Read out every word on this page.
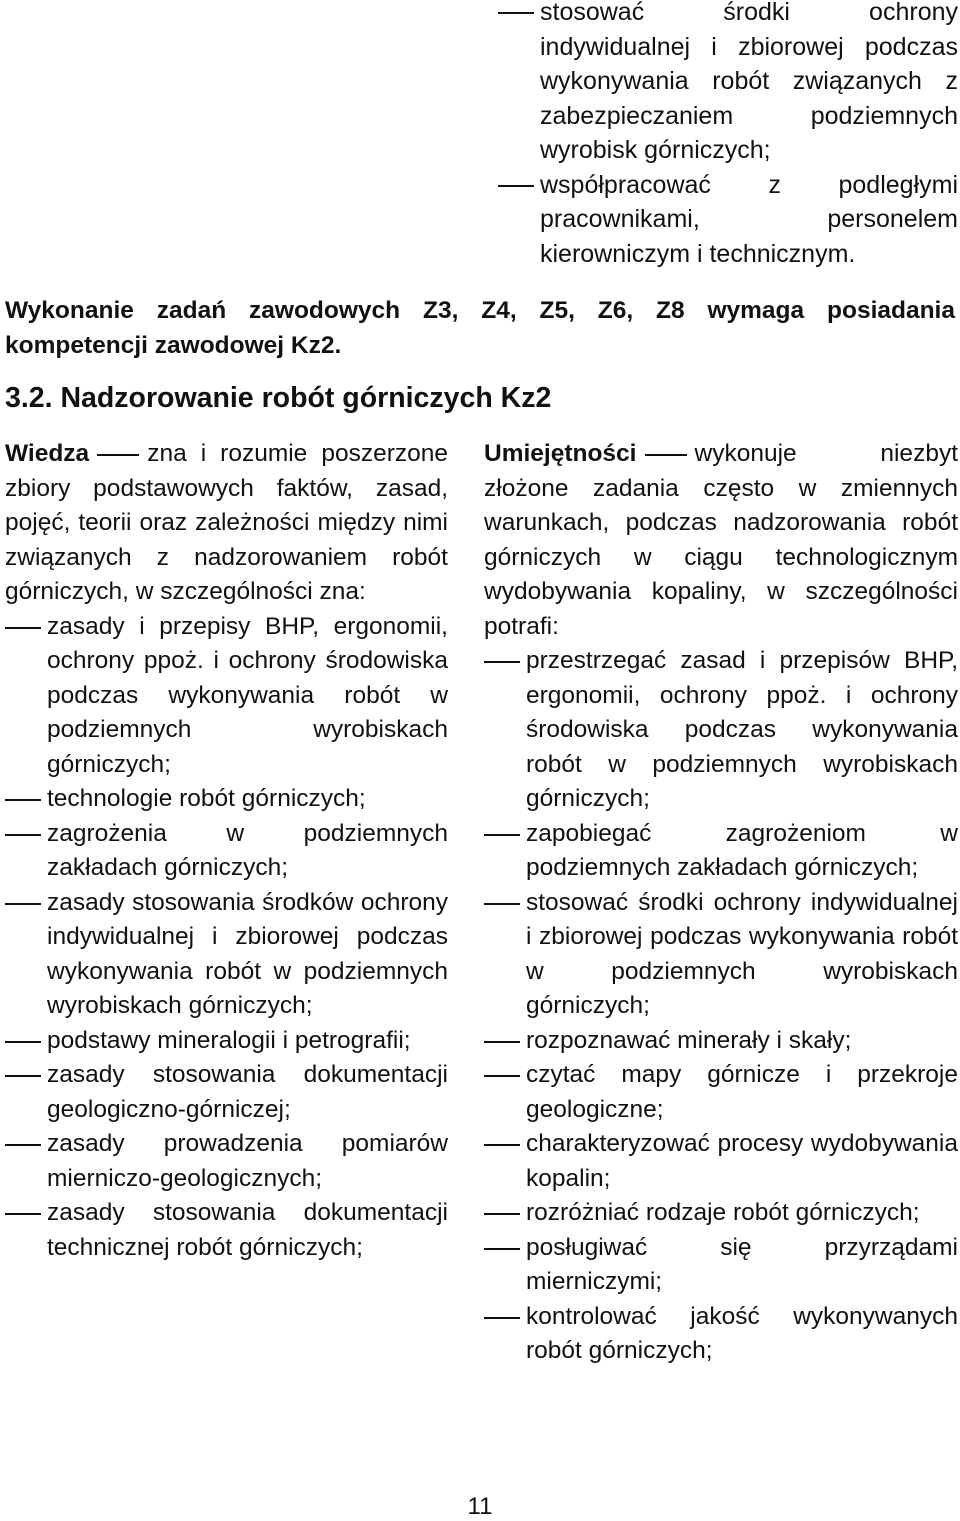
stosować środki ochrony indywidualnej i zbiorowej podczas wykonywania robót związanych z zabezpieczaniem podziemnych wyrobisk górniczych;
współpracować z podległymi pracownikami, personelem kierowniczym i technicznym.
Wykonanie zadań zawodowych Z3, Z4, Z5, Z6, Z8 wymaga posiadania kompetencji zawodowej Kz2.
3.2. Nadzorowanie robót górniczych Kz2

Wiedza zna i rozumie poszerzone zbiory podstawowych faktów, zasad, pojęć, teorii oraz zależności między nimi związanych z nadzorowaniem robót górniczych, w szczególności zna:

zasady i przepisy BHP, ergonomii, ochrony ppoż. i ochrony środowiska podczas wykonywania robót w podziemnych wyrobiskach górniczych;
technologie robót górniczych;
zagrożenia w podziemnych zakładach górniczych;
zasady stosowania środków ochrony indywidualnej i zbiorowej podczas wykonywania robót w podziemnych wyrobiskach górniczych;
podstawy mineralogii i petrografii;
zasady stosowania dokumentacji geologiczno-górniczej;
zasady prowadzenia pomiarów mierniczo-geologicznych;
zasady stosowania dokumentacji technicznej robót górniczych;

Umiejętności wykonuje niezbyt złożone zadania często w zmiennych warunkach, podczas nadzorowania robót górniczych w ciągu technologicznym wydobywania kopaliny, w szczególności potrafi:

przestrzegać zasad i przepisów BHP, ergonomii, ochrony ppoż. i ochrony środowiska podczas wykonywania robót w podziemnych wyrobiskach górniczych;
zapobiegać zagrożeniom w podziemnych zakładach górniczych;
stosować środki ochrony indywidualnej i zbiorowej podczas wykonywania robót w podziemnych wyrobiskach górniczych;
rozpoznawać minerały i skały;
czytać mapy górnicze i przekroje geologiczne;
charakteryzować procesy wydobywania kopalin;
rozróżniać rodzaje robót górniczych;
posługiwać się przyrządami mierniczymi;
kontrolować jakość wykonywanych robót górniczych;
11
